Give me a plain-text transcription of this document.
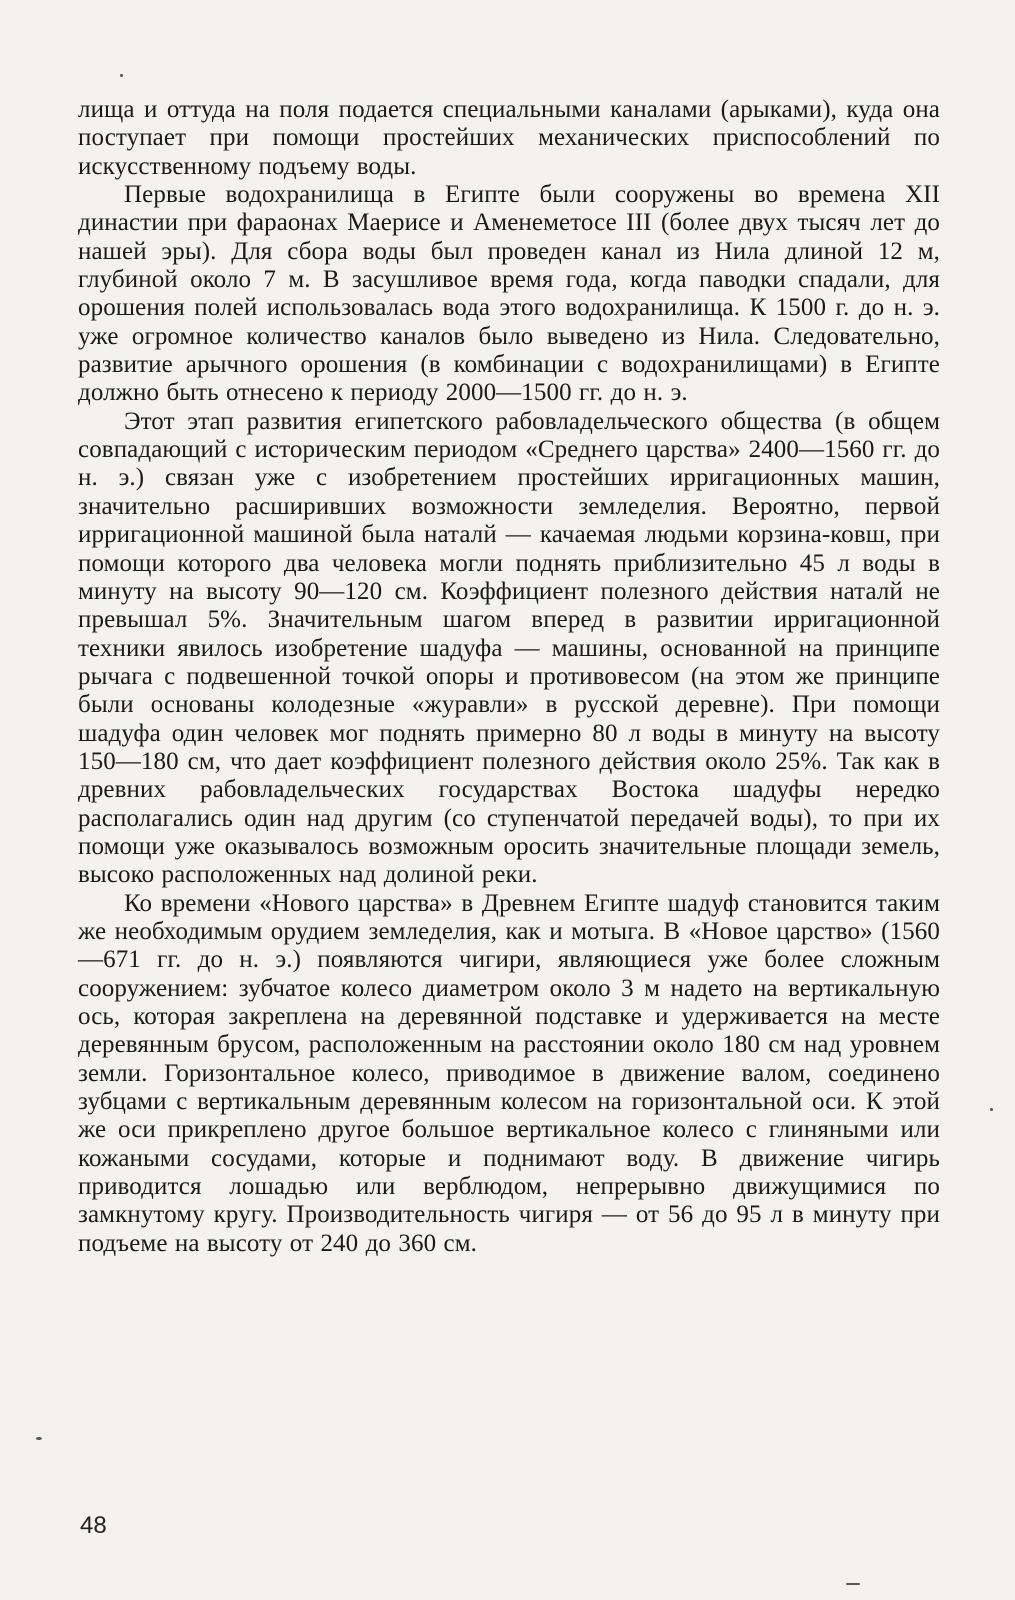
лища и оттуда на поля подается специальными каналами (арыками), куда она поступает при помощи простейших механических приспособлений по искусственному подъему воды.

Первые водохранилища в Египте были сооружены во времена XII династии при фараонах Маерисе и Аменеметосе III (более двух тысяч лет до нашей эры). Для сбора воды был проведен канал из Нила длиной 12 м, глубиной около 7 м. В засушливое время года, когда паводки спадали, для орошения полей использовалась вода этого водохранилища. К 1500 г. до н. э. уже огромное количество каналов было выведено из Нила. Следовательно, развитие арычного орошения (в комбинации с водохранилищами) в Египте должно быть отнесено к периоду 2000—1500 гг. до н. э.

Этот этап развития египетского рабовладельческого общества (в общем совпадающий с историческим периодом «Среднего царства» 2400—1560 гг. до н. э.) связан уже с изобретением простейших ирригационных машин, значительно расширивших возможности земледелия. Вероятно, первой ирригационной машиной была наталй — качаемая людьми корзина-ковш, при помощи которого два человека могли поднять приблизительно 45 л воды в минуту на высоту 90—120 см. Коэффициент полезного действия наталй не превышал 5%. Значительным шагом вперед в развитии ирригационной техники явилось изобретение шадуфа — машины, основанной на принципе рычага с подвешенной точкой опоры и противовесом (на этом же принципе были основаны колодезные «журавли» в русской деревне). При помощи шадуфа один человек мог поднять примерно 80 л воды в минуту на высоту 150—180 см, что дает коэффициент полезного действия около 25%. Так как в древних рабовладельческих государствах Востока шадуфы нередко располагались один над другим (со ступенчатой передачей воды), то при их помощи уже оказывалось возможным оросить значительные площади земель, высоко расположенных над долиной реки.

Ко времени «Нового царства» в Древнем Египте шадуф становится таким же необходимым орудием земледелия, как и мотыга. В «Новое царство» (1560—671 гг. до н. э.) появляются чигири, являющиеся уже более сложным сооружением: зубчатое колесо диаметром около 3 м надето на вертикальную ось, которая закреплена на деревянной подставке и удерживается на месте деревянным брусом, расположенным на расстоянии около 180 см над уровнем земли. Горизонтальное колесо, приводимое в движение валом, соединено зубцами с вертикальным деревянным колесом на горизонтальной оси. К этой же оси прикреплено другое большое вертикальное колесо с глиняными или кожаными сосудами, которые и поднимают воду. В движение чигирь приводится лошадью или верблюдом, непрерывно движущимися по замкнутому кругу. Производительность чигиря — от 56 до 95 л в минуту при подъеме на высоту от 240 до 360 см.

48
